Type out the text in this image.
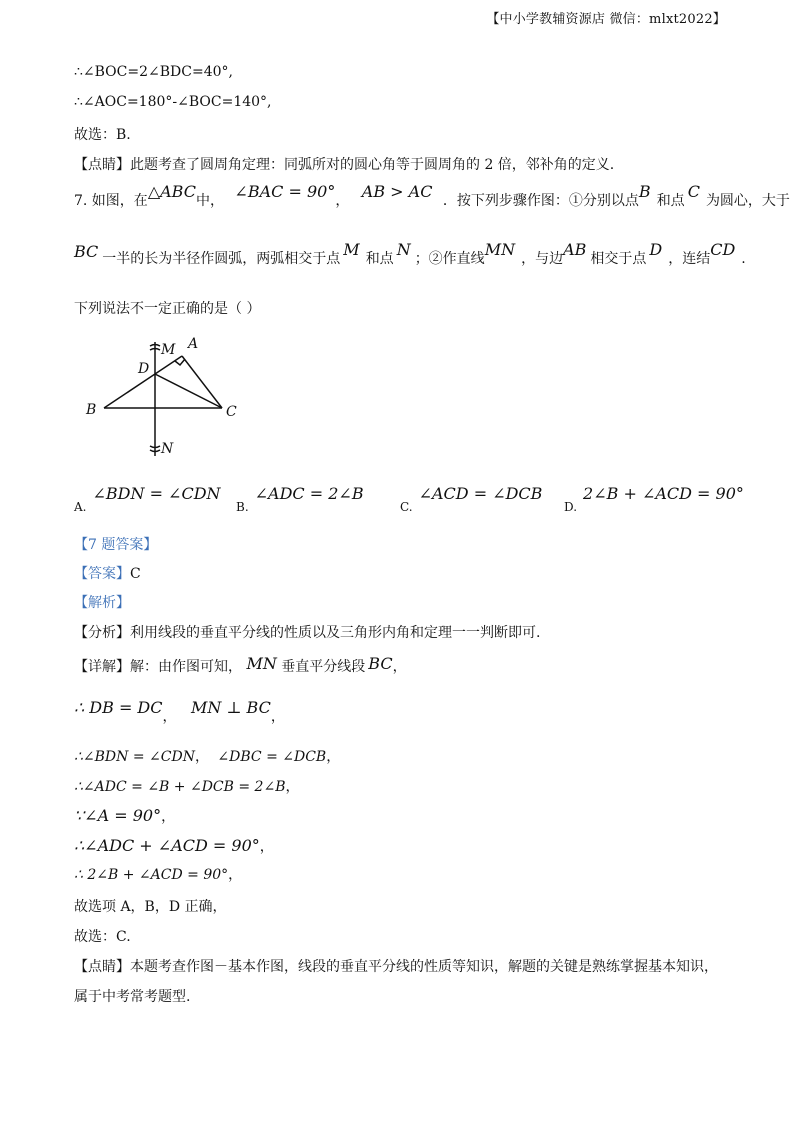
【中小学教辅资源店 微信：mlxt2022】
∴∠BOC=2∠BDC=40°,
∴∠AOC=180°-∠BOC=140°,
故选：B.
【点睛】此题考查了圆周角定理：同弧所对的圆心角等于圆周角的 2 倍，邻补角的定义.
7. 如图，在△ABC中， ∠BAC = 90°， AB > AC ．按下列步骤作图：①分别以点B 和点 C 为圆心，大于
BC 一半的长为半径作圆弧，两弧相交于点 M 和点 N ；②作直线MN ，与边AB 相交于点 D ，连结CD .
下列说法不一定正确的是（ ）
A
B	C
D
M
N
A.∠BDN = ∠CDN
B.∠ADC = 2∠B
C.∠ACD = ∠DCB
D.2∠B + ∠ACD = 90°
【7 题答案】
【答案】C
【解析】
【分析】利用线段的垂直平分线的性质以及三角形内角和定理一一判断即可.
【详解】解：由作图可知， MN 垂直平分线段 BC，
∴ DB = DC， MN ⊥ BC，
∴∠BDN = ∠CDN， ∠DBC = ∠DCB，
∴∠ADC = ∠B + ∠DCB = 2∠B，
∵∠A = 90°，
∴∠ADC + ∠ACD = 90°，
∴ 2∠B + ∠ACD = 90°，
故选项 A，B，D 正确，
故选：C.
【点睛】本题考查作图－基本作图，线段的垂直平分线的性质等知识，解题的关键是熟练掌握基本知识，
属于中考常考题型.
